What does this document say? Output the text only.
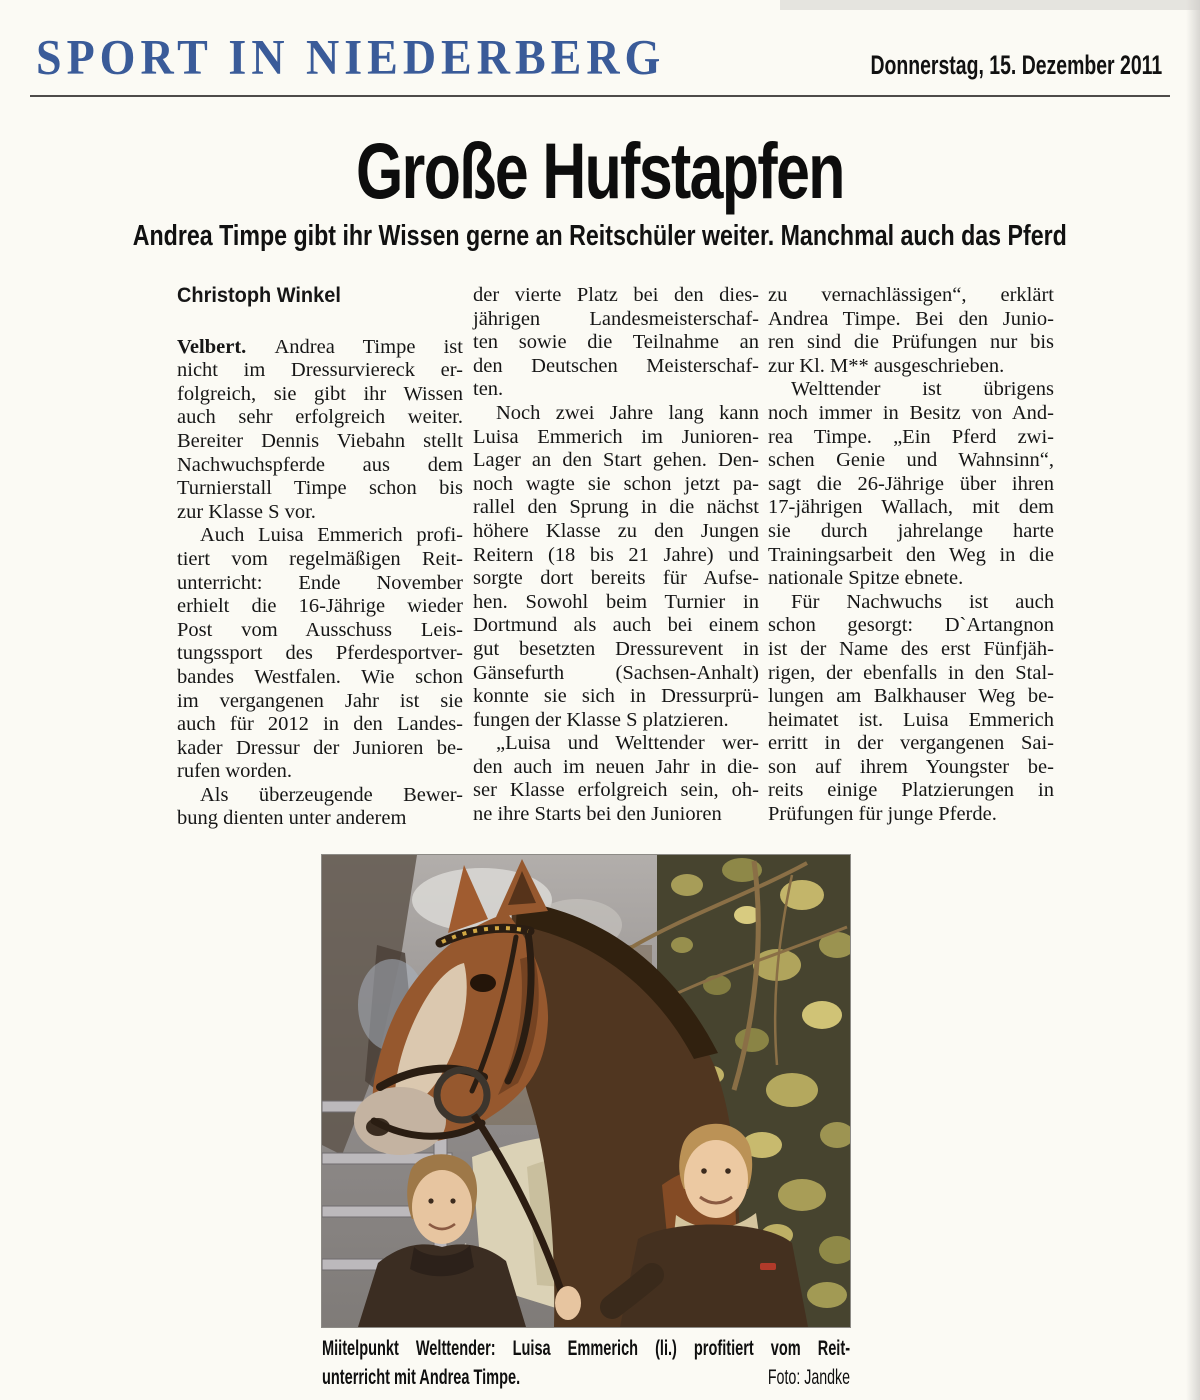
SPORT IN NIEDERBERG	Donnerstag, 15. Dezember 2011
Große Hufstapfen
Andrea Timpe gibt ihr Wissen gerne an Reitschüler weiter. Manchmal auch das Pferd
Christoph Winkel
Velbert. Andrea Timpe ist
nicht im Dressurviereck er-
folgreich, sie gibt ihr Wissen
auch sehr erfolgreich weiter.
Bereiter Dennis Viebahn stellt
Nachwuchspferde aus dem
Turnierstall Timpe schon bis
zur Klasse S vor.
Auch Luisa Emmerich profi-
tiert vom regelmäßigen Reit-
unterricht: Ende November
erhielt die 16-Jährige wieder
Post vom Ausschuss Leis-
tungssport des Pferdesportver-
bandes Westfalen. Wie schon
im vergangenen Jahr ist sie
auch für 2012 in den Landes-
kader Dressur der Junioren be-
rufen worden.
Als überzeugende Bewer-
bung dienten unter anderem
der vierte Platz bei den dies-
jährigen Landesmeisterschaf-
ten sowie die Teilnahme an
den Deutschen Meisterschaf-
ten.
Noch zwei Jahre lang kann
Luisa Emmerich im Junioren-
Lager an den Start gehen. Den-
noch wagte sie schon jetzt pa-
rallel den Sprung in die nächst
höhere Klasse zu den Jungen
Reitern (18 bis 21 Jahre) und
sorgte dort bereits für Aufse-
hen. Sowohl beim Turnier in
Dortmund als auch bei einem
gut besetzten Dressurevent in
Gänsefurth (Sachsen-Anhalt)
konnte sie sich in Dressurprü-
fungen der Klasse S platzieren.
„Luisa und Welttender wer-
den auch im neuen Jahr in die-
ser Klasse erfolgreich sein, oh-
ne ihre Starts bei den Junioren
zu vernachlässigen“, erklärt
Andrea Timpe. Bei den Junio-
ren sind die Prüfungen nur bis
zur Kl. M** ausgeschrieben.
Welttender ist übrigens
noch immer in Besitz von And-
rea Timpe. „Ein Pferd zwi-
schen Genie und Wahnsinn“,
sagt die 26-Jährige über ihren
17-jährigen Wallach, mit dem
sie durch jahrelange harte
Trainingsarbeit den Weg in die
nationale Spitze ebnete.
Für Nachwuchs ist auch
schon gesorgt: D`Artangnon
ist der Name des erst Fünfjäh-
rigen, der ebenfalls in den Stal-
lungen am Balkhauser Weg be-
heimatet ist. Luisa Emmerich
erritt in der vergangenen Sai-
son auf ihrem Youngster be-
reits einige Platzierungen in
Prüfungen für junge Pferde.
Miitelpunkt Welttender: Luisa Emmerich (li.) profitiert vom Reit-
unterricht mit Andrea Timpe.	Foto: Jandke
